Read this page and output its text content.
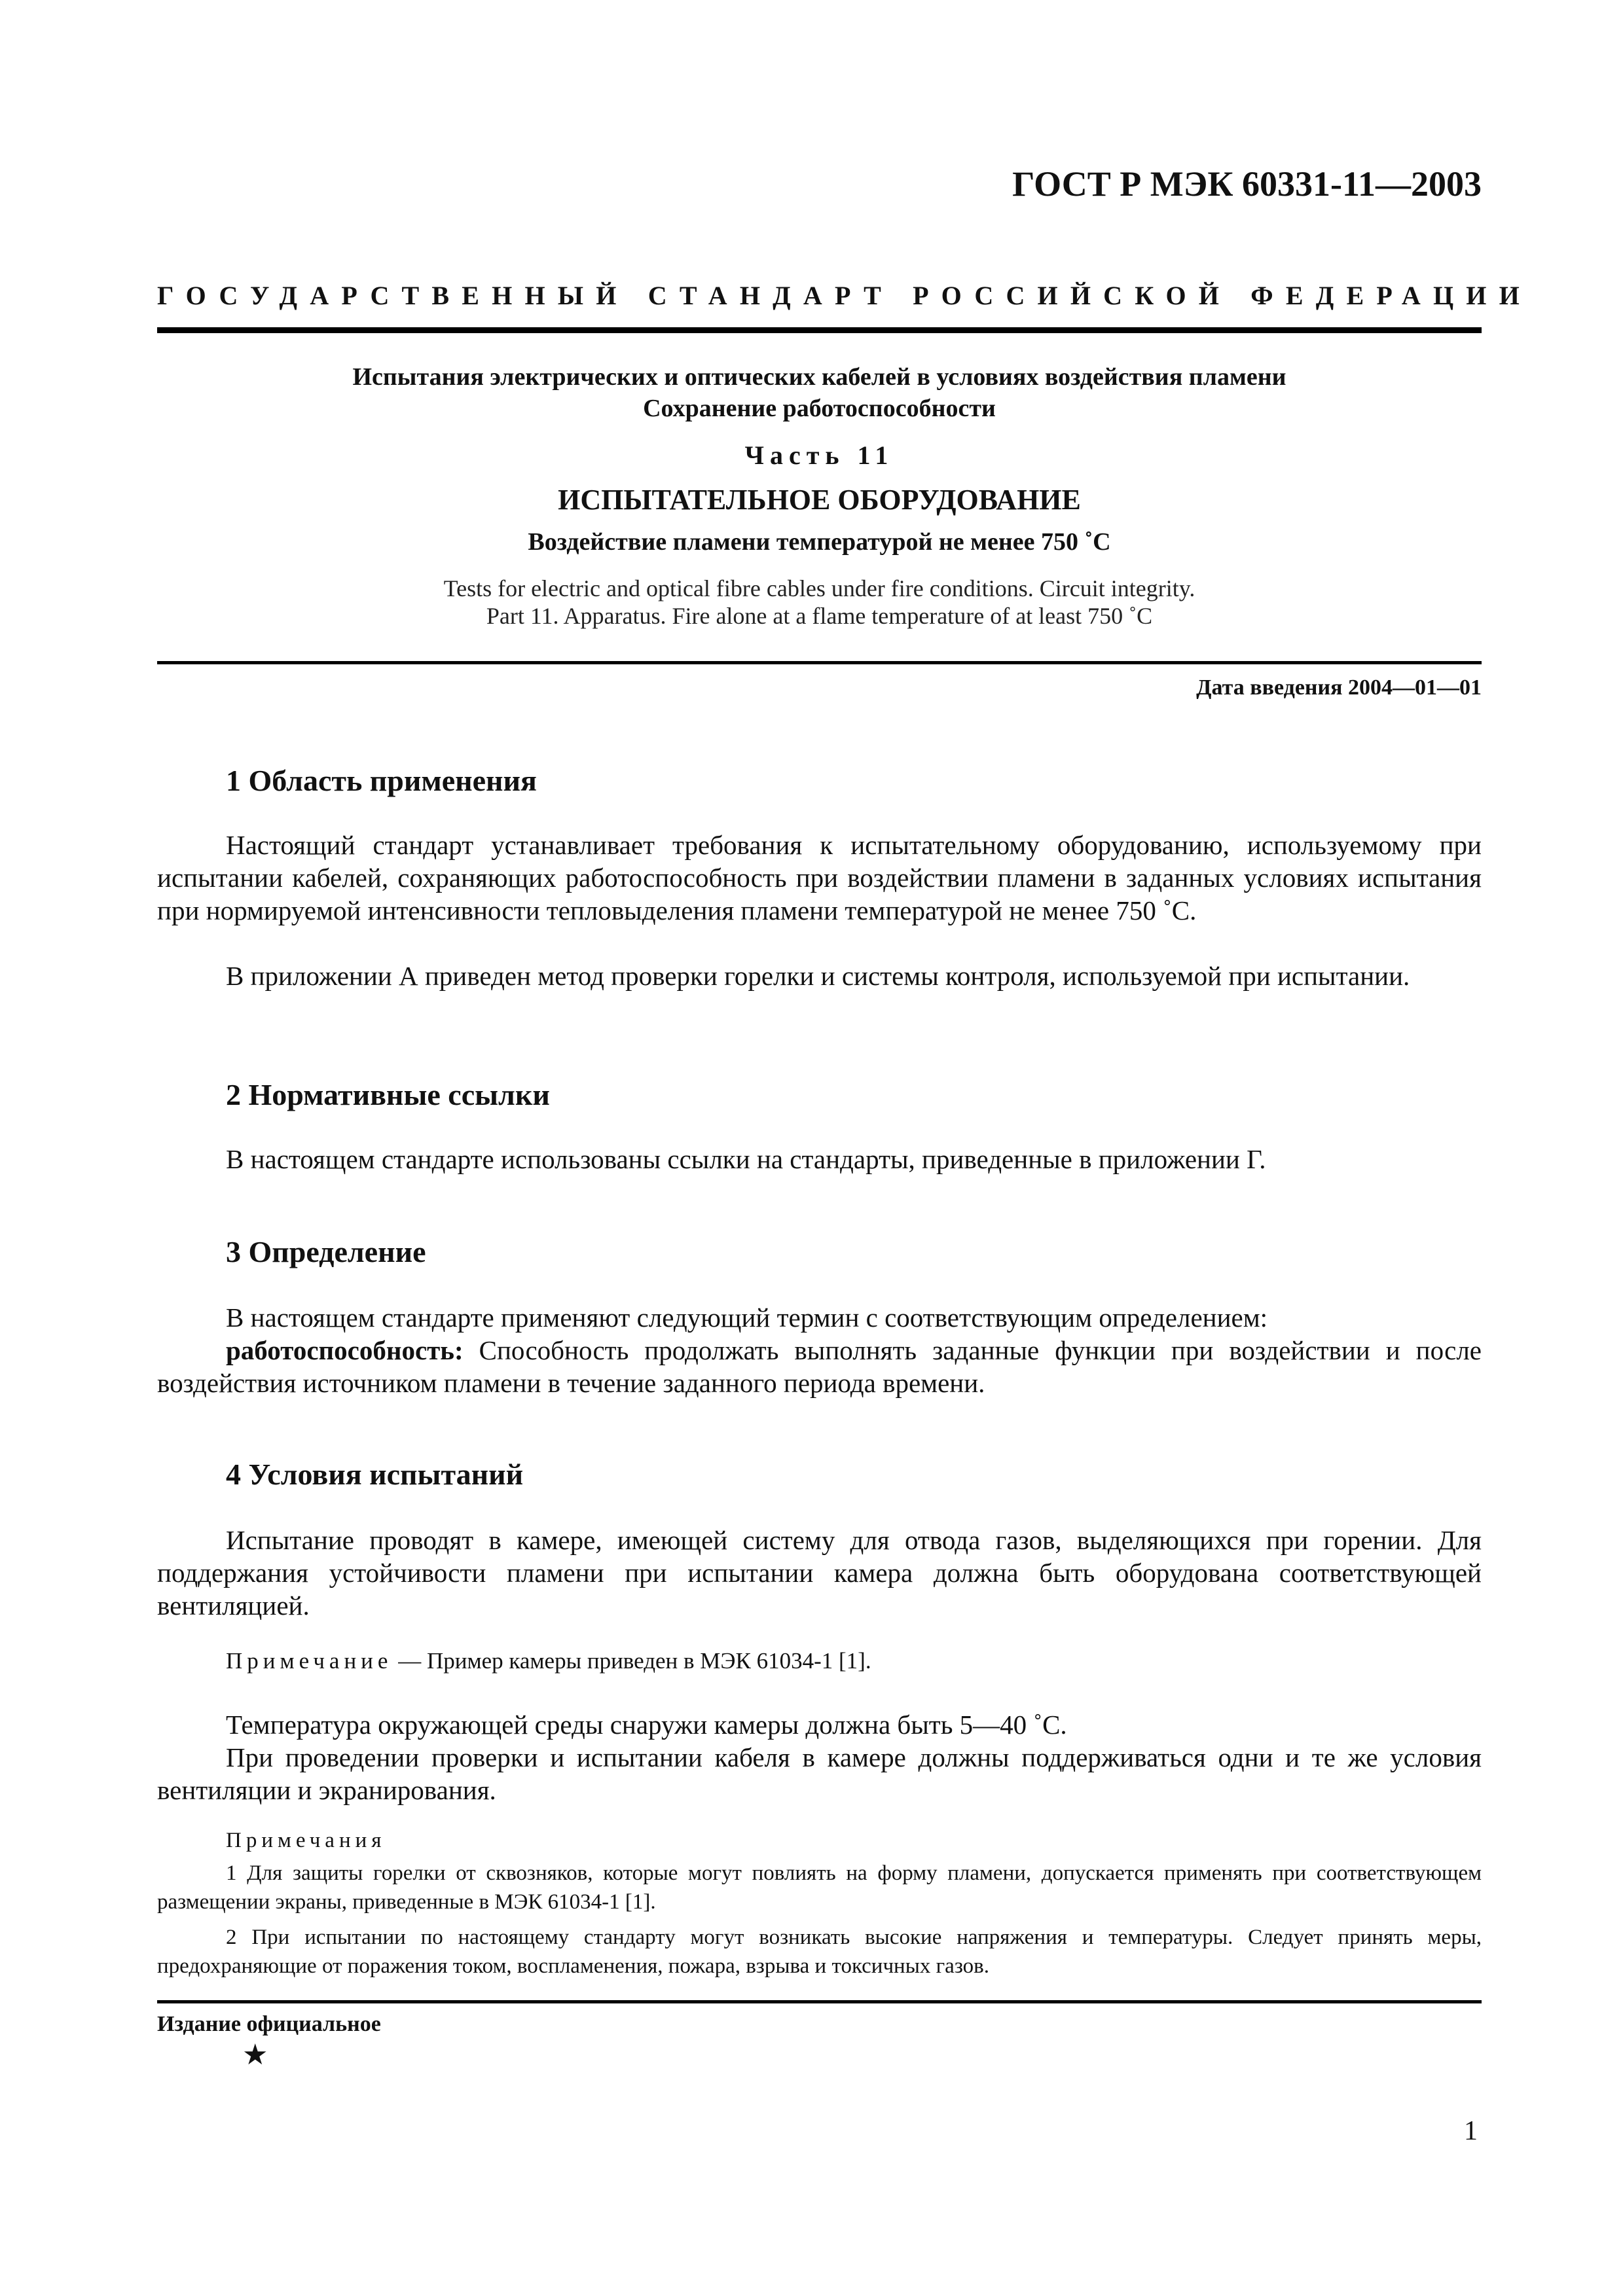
ГОСТ Р МЭК 60331-11—2003
ГОСУДАРСТВЕННЫЙ СТАНДАРТ РОССИЙСКОЙ ФЕДЕРАЦИИ
Испытания электрических и оптических кабелей в условиях воздействия пламени
Сохранение работоспособности
Часть 11
ИСПЫТАТЕЛЬНОЕ ОБОРУДОВАНИЕ
Воздействие пламени температурой не менее 750 ˚С
Tests for electric and optical fibre cables under fire conditions. Circuit integrity.
Part 11. Apparatus. Fire alone at a flame temperature of at least 750 ˚C
Дата введения 2004—01—01
1 Область применения

Настоящий стандарт устанавливает требования к испытательному оборудованию, используемому при испытании кабелей, сохраняющих работоспособность при воздействии пламени в заданных условиях испытания при нормируемой интенсивности тепловыделения пламени температурой не менее 750 ˚С.

В приложении А приведен метод проверки горелки и системы контроля, используемой при испытании.

2 Нормативные ссылки

В настоящем стандарте использованы ссылки на стандарты, приведенные в приложении Г.

3 Определение

В настоящем стандарте применяют следующий термин с соответствующим определением:

работоспособность: Способность продолжать выполнять заданные функции при воздействии и после воздействия источником пламени в течение заданного периода времени.

4 Условия испытаний

Испытание проводят в камере, имеющей систему для отвода газов, выделяющихся при горении. Для поддержания устойчивости пламени при испытании камера должна быть оборудована соответствующей вентиляцией.

Примечание — Пример камеры приведен в МЭК 61034-1 [1].

Температура окружающей среды снаружи камеры должна быть 5—40 ˚С.

При проведении проверки и испытании кабеля в камере должны поддерживаться одни и те же условия вентиляции и экранирования.

Примечания

1 Для защиты горелки от сквозняков, которые могут повлиять на форму пламени, допускается применять при соответствующем размещении экраны, приведенные в МЭК 61034-1 [1].

2 При испытании по настоящему стандарту могут возникать высокие напряжения и температуры. Следует принять меры, предохраняющие от поражения током, воспламенения, пожара, взрыва и токсичных газов.

Издание официальное
★
1
